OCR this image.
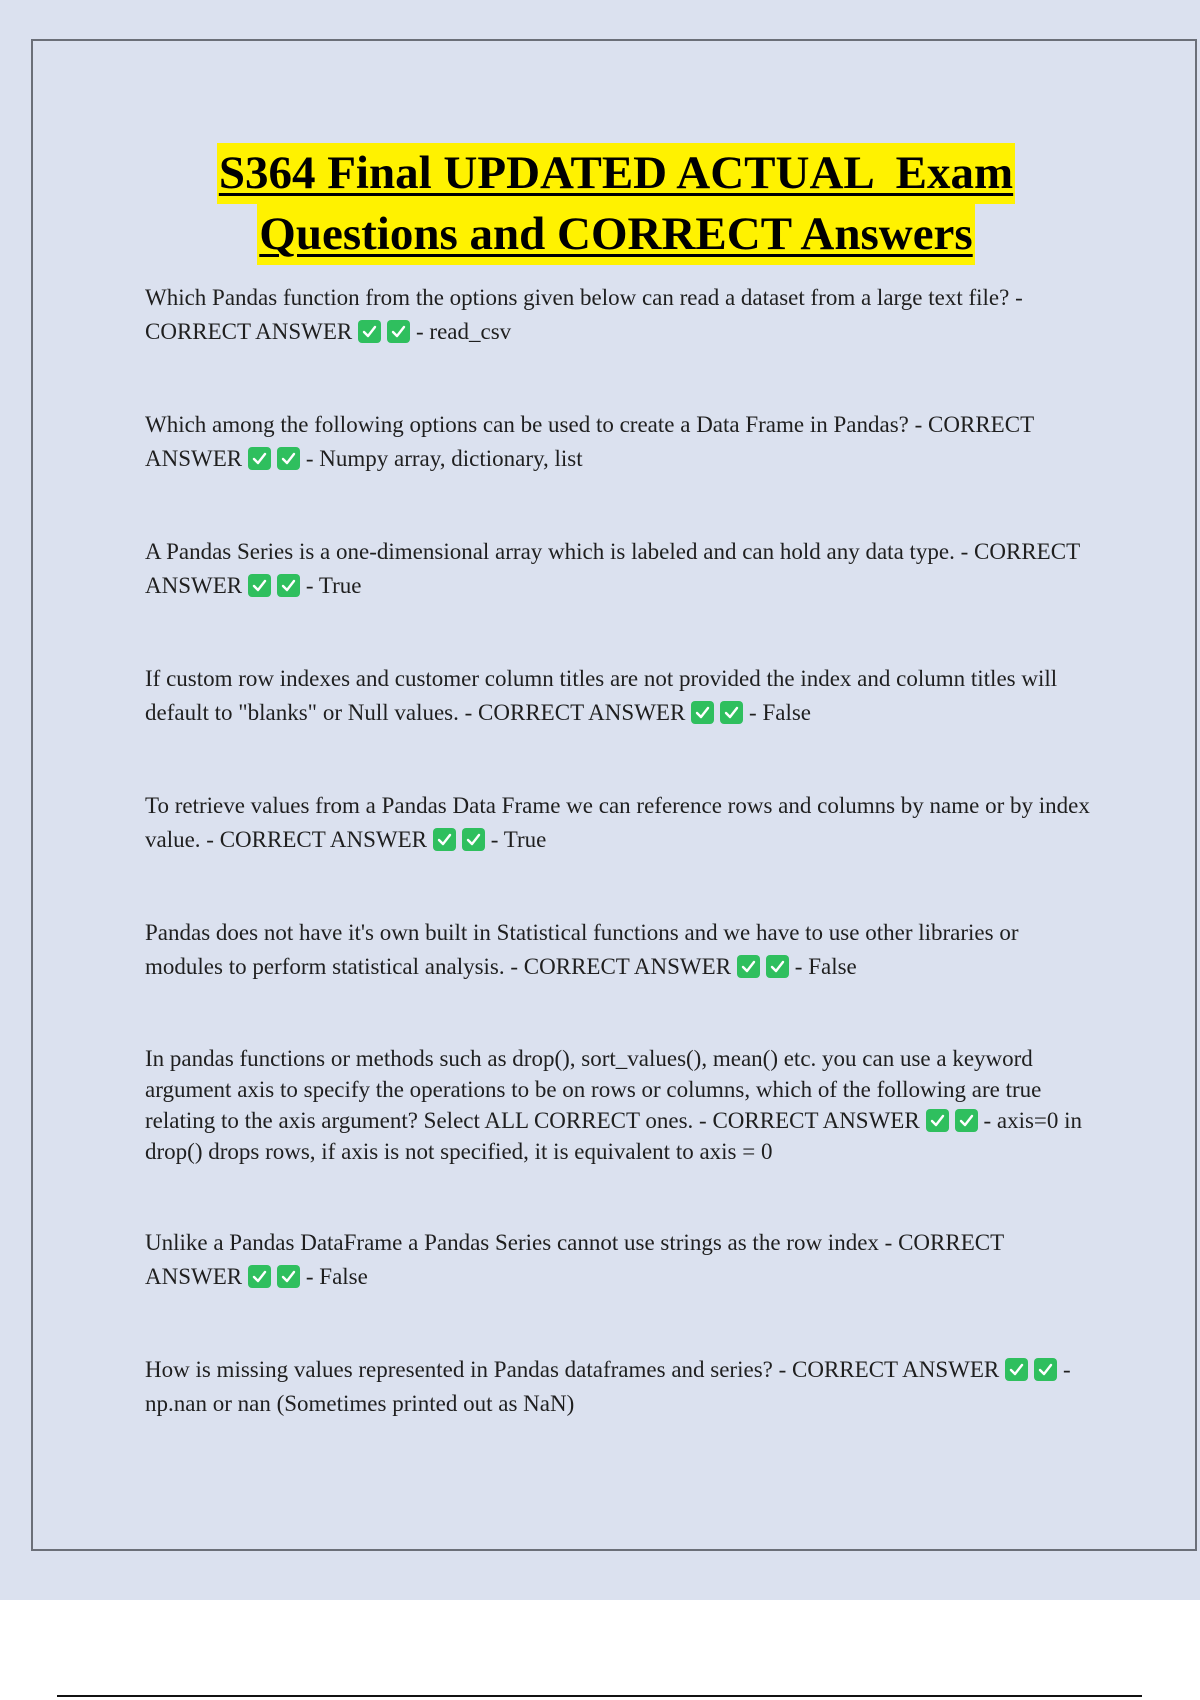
S364 Final UPDATED ACTUAL  Exam
Questions and CORRECT Answers
Which Pandas function from the options given below can read a dataset from a large text file? - CORRECT ANSWER	- read_csv
Which among the following options can be used to create a Data Frame in Pandas? - CORRECT ANSWER	- Numpy array, dictionary, list
A Pandas Series is a one-dimensional array which is labeled and can hold any data type. - CORRECT ANSWER	- True
If custom row indexes and customer column titles are not provided the index and column titles will default to "blanks" or Null values. - CORRECT ANSWER	- False
To retrieve values from a Pandas Data Frame we can reference rows and columns by name or by index value. - CORRECT ANSWER	- True
Pandas does not have it's own built in Statistical functions and we have to use other libraries or modules to perform statistical analysis. - CORRECT ANSWER	- False
In pandas functions or methods such as drop(), sort_values(), mean() etc. you can use a keyword argument axis to specify the operations to be on rows or columns, which of the following are true relating to the axis argument? Select ALL CORRECT ones. - CORRECT ANSWER	- axis=0 in drop() drops rows, if axis is not specified, it is equivalent to axis = 0
Unlike a Pandas DataFrame a Pandas Series cannot use strings as the row index - CORRECT ANSWER	- False
How is missing values represented in Pandas dataframes and series? - CORRECT ANSWER	- np.nan or nan (Sometimes printed out as NaN)
